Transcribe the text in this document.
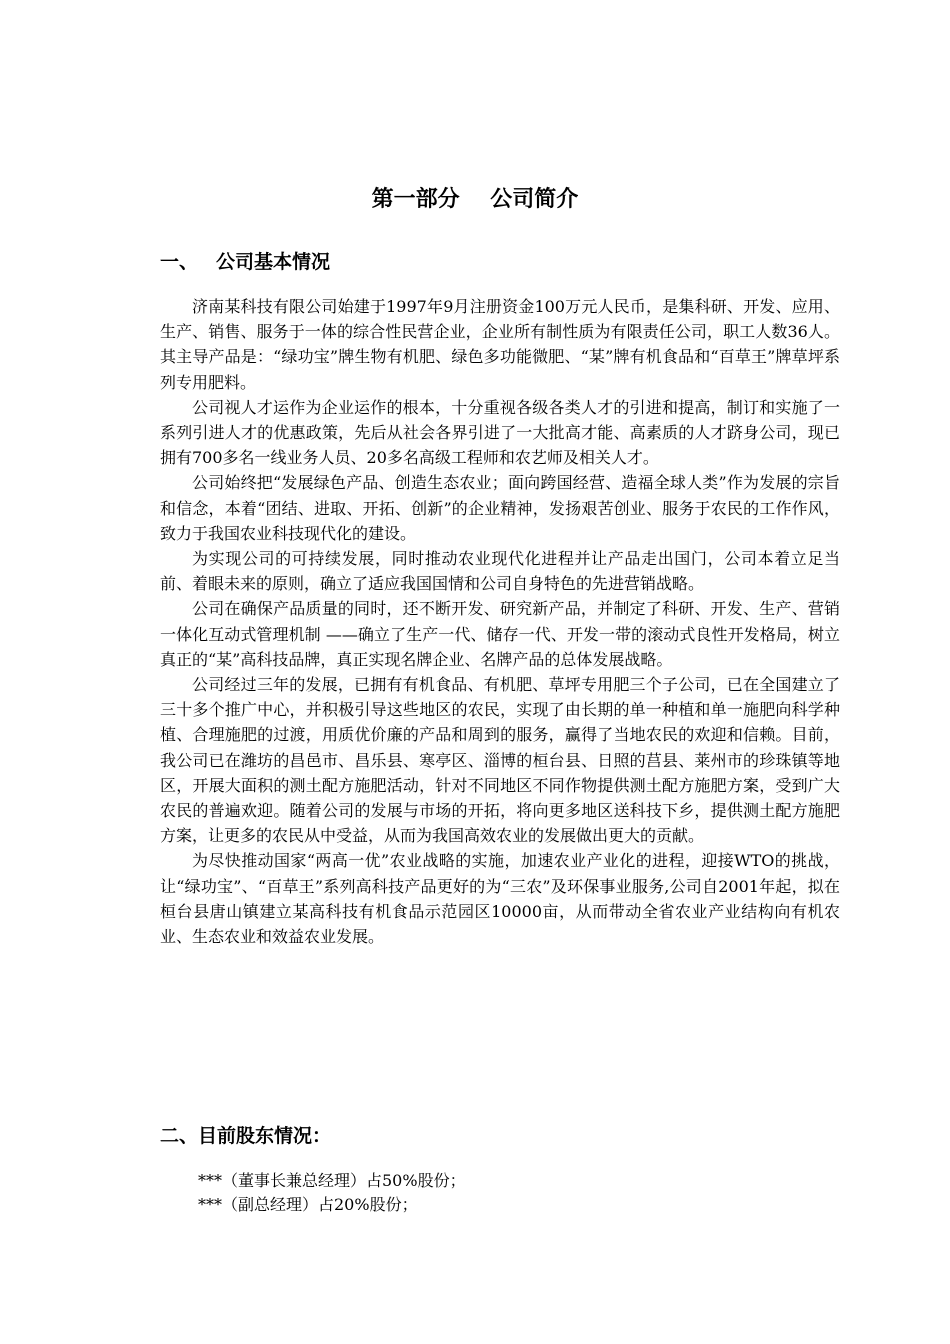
第一部分    公司简介
一、 公司基本情况

济南某科技有限公司始建于1997年9月注册资金100万元人民币，是集科研、开发、应用、生产、销售、服务于一体的综合性民营企业，企业所有制性质为有限责任公司，职工人数36人。其主导产品是：“绿功宝”牌生物有机肥、绿色多功能微肥、“某”牌有机食品和“百草王”牌草坪系列专用肥料。

公司视人才运作为企业运作的根本，十分重视各级各类人才的引进和提高，制订和实施了一系列引进人才的优惠政策，先后从社会各界引进了一大批高才能、高素质的人才跻身公司，现已拥有700多名一线业务人员、20多名高级工程师和农艺师及相关人才。

公司始终把“发展绿色产品、创造生态农业；面向跨国经营、造福全球人类”作为发展的宗旨和信念，本着“团结、进取、开拓、创新”的企业精神，发扬艰苦创业、服务于农民的工作作风，致力于我国农业科技现代化的建设。

为实现公司的可持续发展，同时推动农业现代化进程并让产品走出国门，公司本着立足当前、着眼未来的原则，确立了适应我国国情和公司自身特色的先进营销战略。

公司在确保产品质量的同时，还不断开发、研究新产品，并制定了科研、开发、生产、营销一体化互动式管理机制 ——确立了生产一代、储存一代、开发一带的滚动式良性开发格局，树立真正的“某”高科技品牌，真正实现名牌企业、名牌产品的总体发展战略。

公司经过三年的发展，已拥有有机食品、有机肥、草坪专用肥三个子公司，已在全国建立了三十多个推广中心，并积极引导这些地区的农民，实现了由长期的单一种植和单一施肥向科学种植、合理施肥的过渡，用质优价廉的产品和周到的服务，赢得了当地农民的欢迎和信赖。目前，我公司已在潍坊的昌邑市、昌乐县、寒亭区、淄博的桓台县、日照的莒县、莱州市的珍珠镇等地区，开展大面积的测土配方施肥活动，针对不同地区不同作物提供测土配方施肥方案，受到广大农民的普遍欢迎。随着公司的发展与市场的开拓，将向更多地区送科技下乡，提供测土配方施肥方案，让更多的农民从中受益，从而为我国高效农业的发展做出更大的贡献。

为尽快推动国家“两高一优”农业战略的实施，加速农业产业化的进程，迎接WTO的挑战，让“绿功宝”、“百草王”系列高科技产品更好的为“三农”及环保事业服务,公司自2001年起，拟在桓台县唐山镇建立某高科技有机食品示范园区10000亩，从而带动全省农业产业结构向有机农业、生态农业和效益农业发展。

二、目前股东情况：

***（董事长兼总经理）占50%股份；

***（副总经理）占20%股份；
